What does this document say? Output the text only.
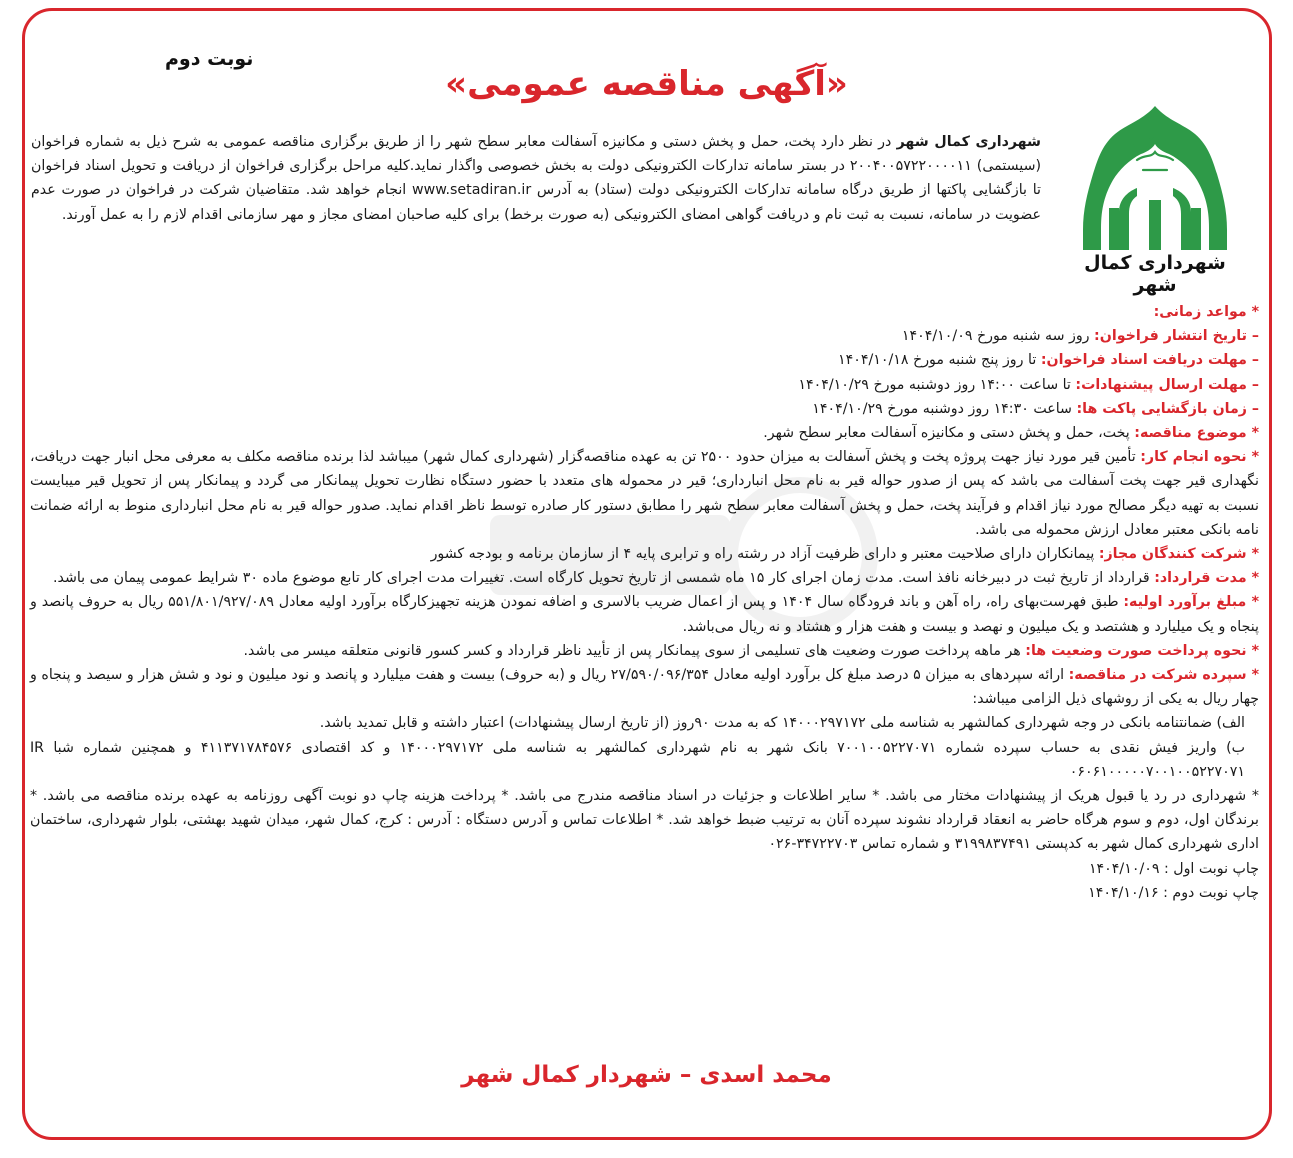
نوبت دوم
«آگهی مناقصه عمومی»
شهرداری کمال شهر
شهرداری کمال شهر در نظر دارد پخت، حمل و پخش دستی و مکانیزه آسفالت معابر سطح شهر را از طریق برگزاری مناقصه عمومی به شرح ذیل به شماره فراخوان (سیستمی) ۲۰۰۴۰۰۵۷۲۲۰۰۰۰۱۱ در بستر سامانه تدارکات الکترونیکی دولت به بخش خصوصی واگذار نماید.کلیه مراحل برگزاری فراخوان از دریافت و تحویل اسناد فراخوان تا بازگشایی پاکتها از طریق درگاه سامانه تدارکات الکترونیکی دولت (ستاد) به آدرس www.setadiran.ir انجام خواهد شد. متقاضیان شرکت در فراخوان در صورت عدم عضویت در سامانه، نسبت به ثبت نام و دریافت گواهی امضای الکترونیکی (به صورت برخط) برای کلیه صاحبان امضای مجاز و مهر سازمانی اقدام لازم را به عمل آورند.

* مواعد زمانی:

– تاریخ انتشار فراخوان: روز سه شنبه مورخ ۱۴۰۴/۱۰/۰۹

– مهلت دریافت اسناد فراخوان: تا روز پنج شنبه مورخ ۱۴۰۴/۱۰/۱۸

– مهلت ارسال پیشنهادات: تا ساعت ۱۴:۰۰ روز دوشنبه مورخ ۱۴۰۴/۱۰/۲۹

– زمان بازگشایی پاکت ها: ساعت ۱۴:۳۰ روز دوشنبه مورخ ۱۴۰۴/۱۰/۲۹

* موضوع مناقصه: پخت، حمل و پخش دستی و مکانیزه آسفالت معابر سطح شهر.

* نحوه انجام کار: تأمین قیر مورد نیاز جهت پروژه پخت و پخش آسفالت به میزان حدود ۲۵۰۰ تن به عهده مناقصه‌گزار (شهرداری کمال شهر) میباشد لذا برنده مناقصه مکلف به معرفی محل انبار جهت دریافت، نگهداری قیر جهت پخت آسفالت می باشد که پس از صدور حواله قیر به نام محل انبارداری؛ قیر در محموله های متعدد با حضور دستگاه نظارت تحویل پیمانکار می گردد و پیمانکار پس از تحویل قیر میبایست نسبت به تهیه دیگر مصالح مورد نیاز اقدام و فرآیند پخت، حمل و پخش آسفالت معابر سطح شهر را مطابق دستور کار صادره توسط ناظر اقدام نماید. صدور حواله قیر به نام محل انبارداری منوط به ارائه ضمانت نامه بانکی معتبر معادل ارزش محموله می باشد.

* شرکت کنندگان مجاز: پیمانکاران دارای صلاحیت معتبر و دارای ظرفیت آزاد در رشته راه و ترابری پایه ۴ از سازمان برنامه و بودجه کشور

* مدت قرارداد: قرارداد از تاریخ ثبت در دبیرخانه نافذ است. مدت زمان اجرای کار ۱۵ ماه شمسی از تاریخ تحویل کارگاه است. تغییرات مدت اجرای کار تابع موضوع ماده ۳۰ شرایط عمومی پیمان می باشد.

* مبلغ برآورد اولیه: طبق فهرست‌بهای راه، راه آهن و باند فرودگاه سال ۱۴۰۴ و پس از اعمال ضریب بالاسری و اضافه نمودن هزینه تجهیزکارگاه برآورد اولیه معادل ۵۵۱/۸۰۱/۹۲۷/۰۸۹ ریال به حروف پانصد و پنجاه و یک میلیارد و هشتصد و یک میلیون و نهصد و بیست و هفت هزار و هشتاد و نه ریال می‌باشد.

* نحوه پرداخت صورت وضعیت ها: هر ماهه پرداخت صورت وضعیت های تسلیمی از سوی پیمانکار پس از تأیید ناظر قرارداد و کسر کسور قانونی متعلقه میسر می باشد.

* سپرده شرکت در مناقصه: ارائه سپردهای به میزان ۵ درصد مبلغ کل برآورد اولیه معادل ۲۷/۵۹۰/۰۹۶/۳۵۴ ریال و (به حروف) بیست و هفت میلیارد و پانصد و نود میلیون و نود و شش هزار و سیصد و پنجاه و چهار ریال به یکی از روشهای ذیل الزامی میباشد:

الف) ضمانتنامه بانکی در وجه شهرداری کمالشهر به شناسه ملی ۱۴۰۰۰۲۹۷۱۷۲ که به مدت ۹۰روز (از تاریخ ارسال پیشنهادات) اعتبار داشته و قابل تمدید باشد.

ب) واریز فیش نقدی به حساب سپرده شماره ۷۰۰۱۰۰۵۲۲۷۰۷۱ بانک شهر به نام شهرداری کمالشهر به شناسه ملی ۱۴۰۰۰۲۹۷۱۷۲ و کد اقتصادی ۴۱۱۳۷۱۷۸۴۵۷۶ و همچنین شماره شبا IR ۰۶۰۶۱۰۰۰۰۰۷۰۰۱۰۰۵۲۲۷۰۷۱

* شهرداری در رد یا قبول هریک از پیشنهادات مختار می باشد. * سایر اطلاعات و جزئیات در اسناد مناقصه مندرج می باشد. * پرداخت هزینه چاپ دو نوبت آگهی روزنامه به عهده برنده مناقصه می باشد. * برندگان اول، دوم و سوم هرگاه حاضر به انعقاد قرارداد نشوند سپرده آنان به ترتیب ضبط خواهد شد. * اطلاعات تماس و آدرس دستگاه : آدرس : کرج، کمال شهر، میدان شهید بهشتی، بلوار شهرداری، ساختمان اداری شهرداری کمال شهر به کدپستی ۳۱۹۹۸۳۷۴۹۱ و شماره تماس ۳۴۷۲۲۷۰۳-۰۲۶

چاپ نوبت اول : ۱۴۰۴/۱۰/۰۹

چاپ نوبت دوم : ۱۴۰۴/۱۰/۱۶

محمد اسدی – شهردار کمال شهر
